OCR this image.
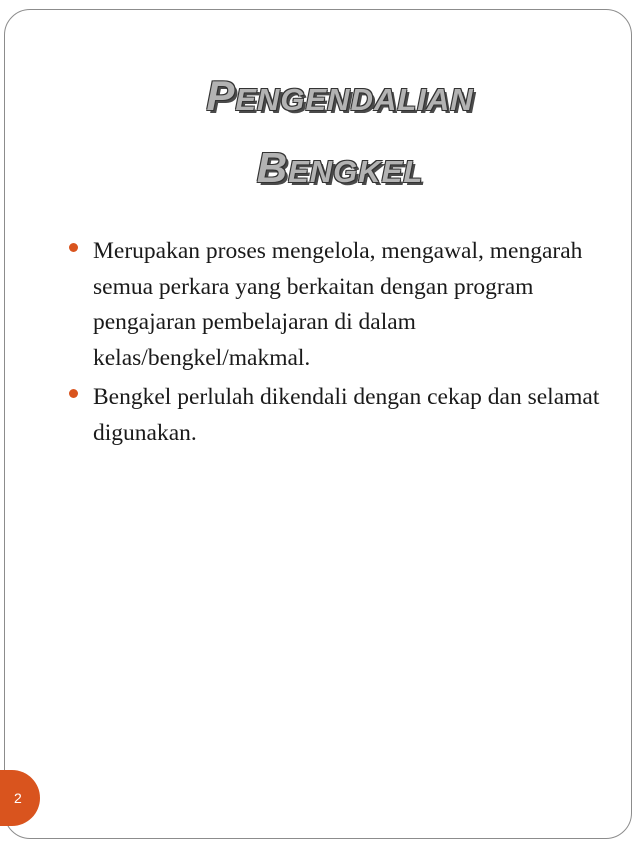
PENGENDALIAN
BENGKEL
Merupakan proses mengelola, mengawal, mengarah semua perkara yang berkaitan dengan program pengajaran pembelajaran di dalam kelas/bengkel/makmal.
Bengkel perlulah dikendali dengan cekap dan selamat digunakan.
2
